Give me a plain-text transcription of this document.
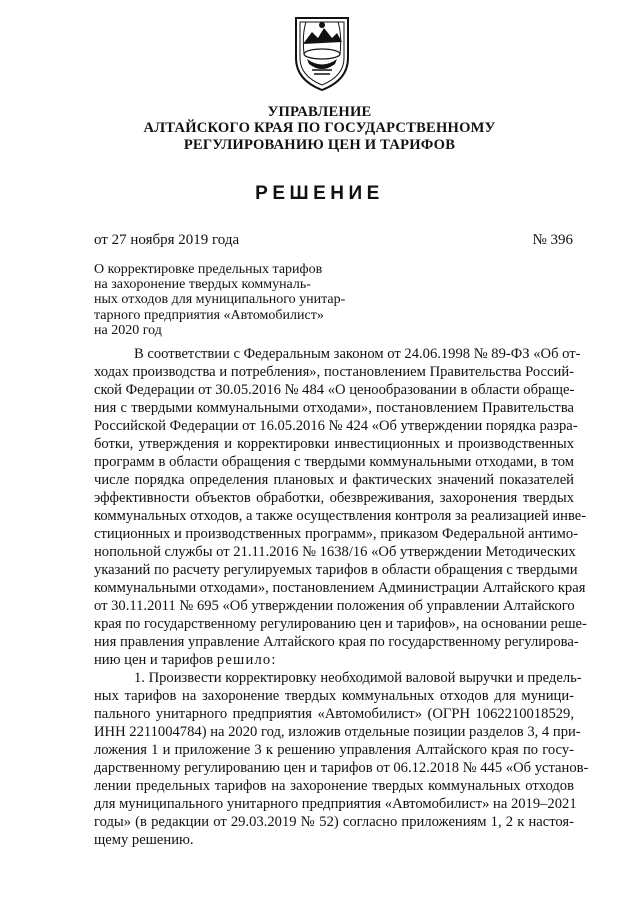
УПРАВЛЕНИЕ
АЛТАЙСКОГО КРАЯ ПО ГОСУДАРСТВЕННОМУ
РЕГУЛИРОВАНИЮ ЦЕН И ТАРИФОВ
РЕШЕНИЕ
от 27 ноября 2019 года	№ 396
О корректировке предельных тарифов
на захоронение твердых коммуналь-
ных отходов для муниципального унитар-
тарного предприятия «Автомобилист»
на 2020 год
В соответствии с Федеральным законом от 24.06.1998 № 89-ФЗ «Об от-
ходах производства и потребления», постановлением Правительства Россий-
ской Федерации от 30.05.2016 № 484 «О ценообразовании в области обраще-
ния с твердыми коммунальными отходами», постановлением Правительства
Российской Федерации от 16.05.2016 № 424 «Об утверждении порядка разра-
ботки, утверждения и корректировки инвестиционных и производственных
программ в области обращения с твердыми коммунальными отходами, в том
числе порядка определения плановых и фактических значений показателей
эффективности объектов обработки, обезвреживания, захоронения твердых
коммунальных отходов, а также осуществления контроля за реализацией инве-
стиционных и производственных программ», приказом Федеральной антимо-
нопольной службы от 21.11.2016 № 1638/16 «Об утверждении Методических
указаний по расчету регулируемых тарифов в области обращения с твердыми
коммунальными отходами», постановлением Администрации Алтайского края
от 30.11.2011 № 695 «Об утверждении положения об управлении Алтайского
края по государственному регулированию цен и тарифов», на основании реше-
ния правления управление Алтайского края по государственному регулирова-
нию цен и тарифов решило:
1. Произвести корректировку необходимой валовой выручки и предель-
ных тарифов на захоронение твердых коммунальных отходов для муници-
пального унитарного предприятия «Автомобилист» (ОГРН 1062210018529,
ИНН 2211004784) на 2020 год, изложив отдельные позиции разделов 3, 4 при-
ложения 1 и приложение 3 к решению управления Алтайского края по госу-
дарственному регулированию цен и тарифов от 06.12.2018 № 445 «Об установ-
лении предельных тарифов на захоронение твердых коммунальных отходов
для муниципального унитарного предприятия «Автомобилист» на 2019–2021
годы» (в редакции от 29.03.2019 № 52) согласно приложениям 1, 2 к настоя-
щему решению.
